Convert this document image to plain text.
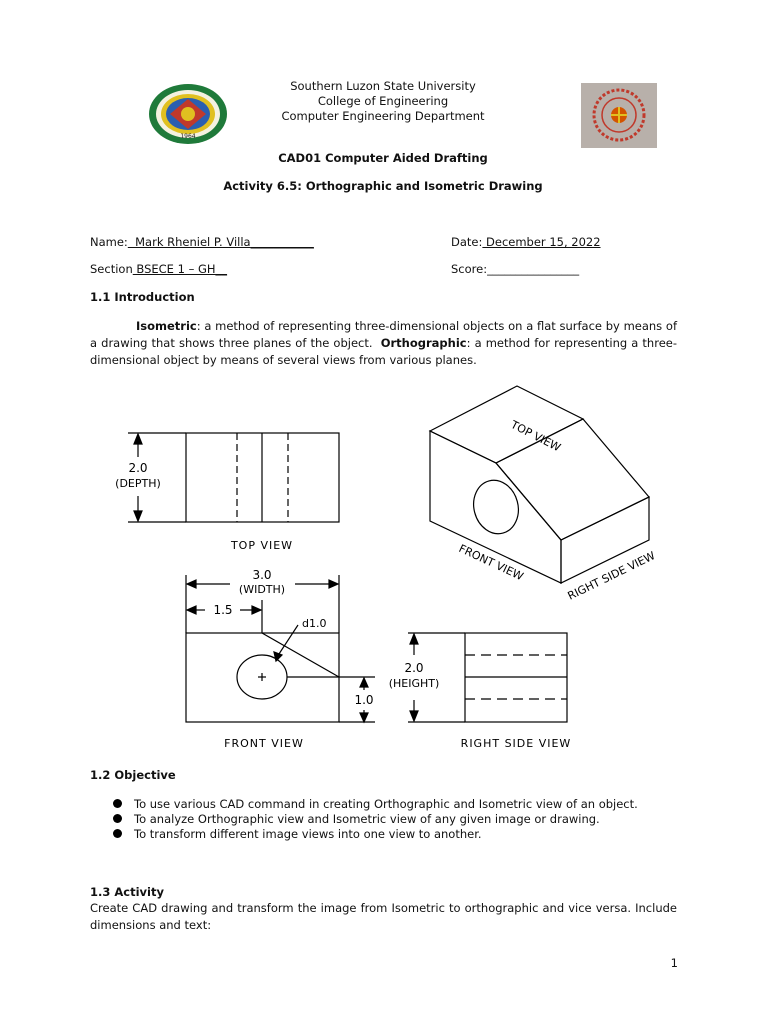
1964
Southern Luzon State University
College of Engineering
Computer Engineering Department
CAD01 Computer Aided Drafting
Activity 6.5: Orthographic and Isometric Drawing
Name:  Mark Rheniel P. Villa___________	Date: December 15, 2022
Section BSECE 1 – GH__	Score:________________
1.1 Introduction
Isometric: a method of representing three-dimensional objects on a flat surface by means of a drawing that shows three planes of the object.  Orthographic: a method for representing a three-dimensional object by means of several views from various planes.
2.0
(DEPTH)
TOP VIEW
3.0
(WIDTH)
1.5
d1.0
1.0
FRONT VIEW
2.0
(HEIGHT)
RIGHT SIDE VIEW
TOP VIEW
FRONT VIEW	RIGHT SIDE VIEW
1.2 Objective
To use various CAD command in creating Orthographic and Isometric view of an object.
To analyze Orthographic view and Isometric view of any given image or drawing.
To transform different image views into one view to another.
1.3 Activity
Create CAD drawing and transform the image from Isometric to orthographic and vice versa. Include dimensions and text:
1
